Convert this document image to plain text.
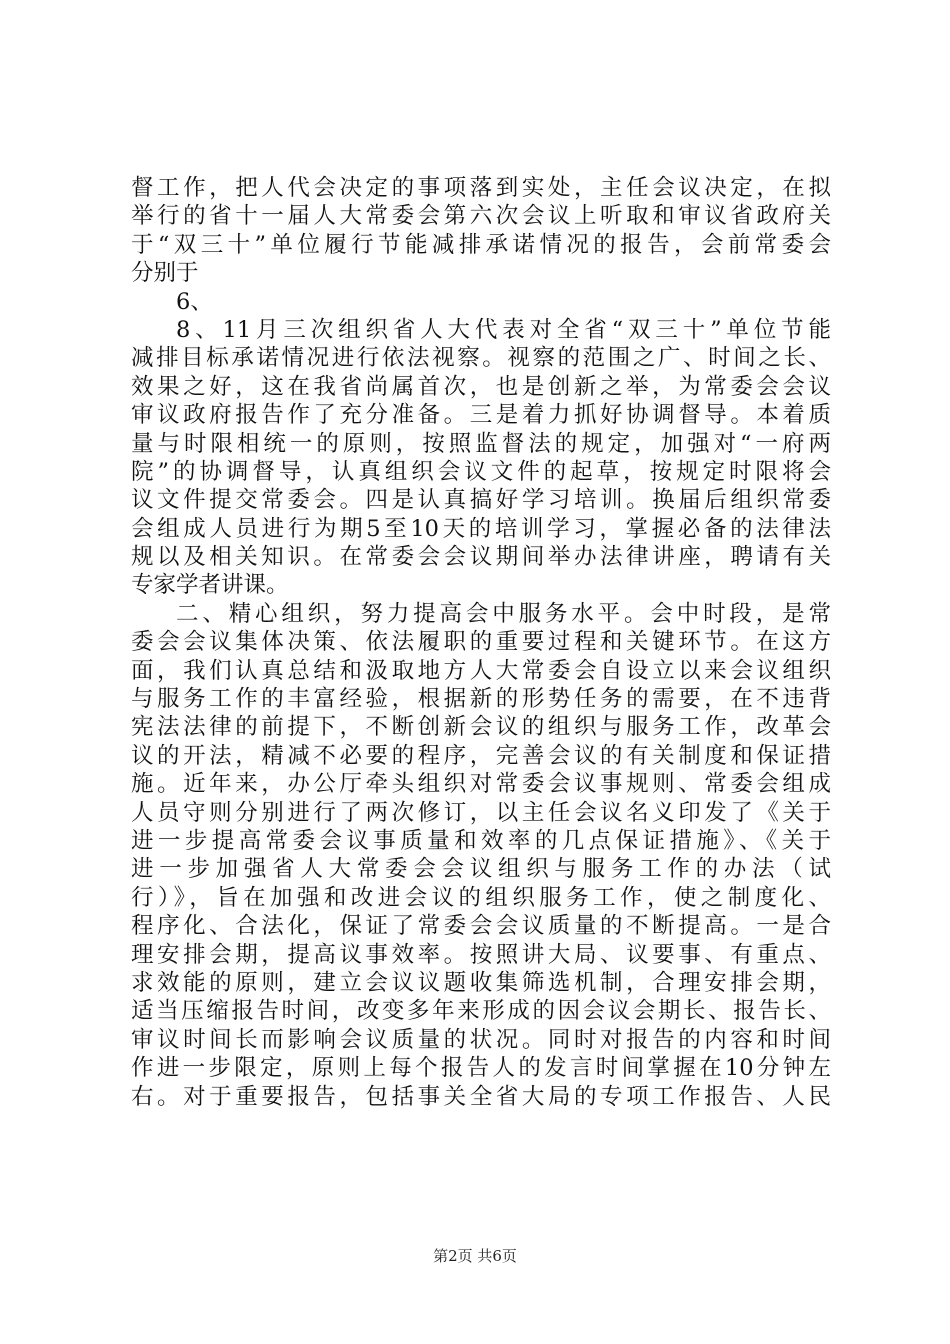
督工作，把人代会决定的事项落到实处，主任会议决定，在拟
举行的省十一届人大常委会第六次会议上听取和审议省政府关
于“双三十”单位履行节能减排承诺情况的报告，会前常委会
分别于
6、
8、11月三次组织省人大代表对全省“双三十”单位节能
减排目标承诺情况进行依法视察。视察的范围之广、时间之长、
效果之好，这在我省尚属首次，也是创新之举，为常委会会议
审议政府报告作了充分准备。三是着力抓好协调督导。本着质
量与时限相统一的原则，按照监督法的规定，加强对“一府两
院”的协调督导，认真组织会议文件的起草，按规定时限将会
议文件提交常委会。四是认真搞好学习培训。换届后组织常委
会组成人员进行为期5至10天的培训学习，掌握必备的法律法
规以及相关知识。在常委会会议期间举办法律讲座，聘请有关
专家学者讲课。
二、精心组织，努力提高会中服务水平。会中时段，是常
委会会议集体决策、依法履职的重要过程和关键环节。在这方
面，我们认真总结和汲取地方人大常委会自设立以来会议组织
与服务工作的丰富经验，根据新的形势任务的需要，在不违背
宪法法律的前提下，不断创新会议的组织与服务工作，改革会
议的开法，精减不必要的程序，完善会议的有关制度和保证措
施。近年来，办公厅牵头组织对常委会议事规则、常委会组成
人员守则分别进行了两次修订，以主任会议名义印发了《关于
进一步提高常委会议事质量和效率的几点保证措施》、《关于
进一步加强省人大常委会会议组织与服务工作的办法（试
行）》，旨在加强和改进会议的组织服务工作，使之制度化、
程序化、合法化，保证了常委会会议质量的不断提高。一是合
理安排会期，提高议事效率。按照讲大局、议要事、有重点、
求效能的原则，建立会议议题收集筛选机制，合理安排会期，
适当压缩报告时间，改变多年来形成的因会议会期长、报告长、
审议时间长而影响会议质量的状况。同时对报告的内容和时间
作进一步限定，原则上每个报告人的发言时间掌握在10分钟左
右。对于重要报告，包括事关全省大局的专项工作报告、人民
第2页 共6页
